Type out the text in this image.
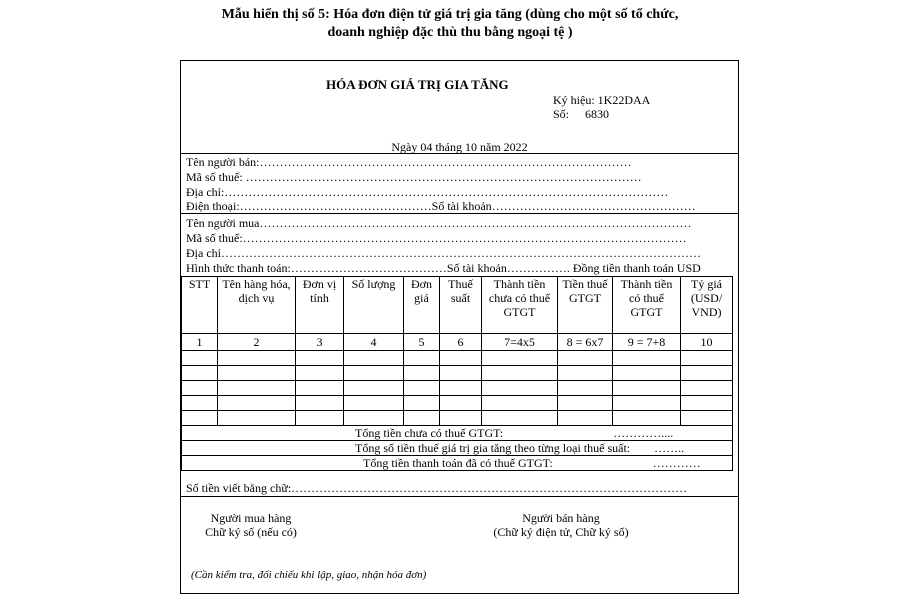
Mẫu hiển thị số 5: Hóa đơn điện tử giá trị gia tăng (dùng cho một số tổ chức,
doanh nghiệp đặc thù thu bằng ngoại tệ )
HÓA ĐƠN GIÁ TRỊ GIA TĂNG
Ký hiệu: 1K22DAA
Số: 6830
Ngày 04 tháng 10 năm 2022
Tên người bán:…………………………………………………………………………………
Mã số thuế: ………………………………………………………………………………………
Địa chỉ:…………………………………………………………………………………………………
Điện thoại:…………………………………………Số tài khoản……………………………………………
Tên người mua………………………………………………………………………………………………
Mã số thuế:…………………………………………………………………………………………………
Địa chỉ…………………………………………………………………………………………………………
Hình thức thanh toán:…………………………………Số tài khoản……………. Đồng tiền thanh toán USD
STT	Tên hàng hóa, dịch vụ	Đơn vị tính	Số lượng	Đơn giá	Thuế suất	Thành tiền chưa có thuế GTGT	Tiền thuế GTGT	Thành tiền có thuế GTGT	Tỷ giá (USD/ VND)
1	2	3	4	5	6	7=4x5	8 = 6x7	9 = 7+8	10

Tổng tiền chưa có thuế GTGT: …………....									
Tổng số tiền thuế giá trị gia tăng theo từng loại thuế suất: ……..									
Tổng tiền thanh toán đã có thuế GTGT: …………									
Số tiền viết bằng chữ:………………………………………………………………………………………
Người mua hàng
Chữ ký số (nếu có)
Người bán hàng
(Chữ ký điện tử, Chữ ký số)
(Cần kiểm tra, đối chiếu khi lập, giao, nhận hóa đơn)
